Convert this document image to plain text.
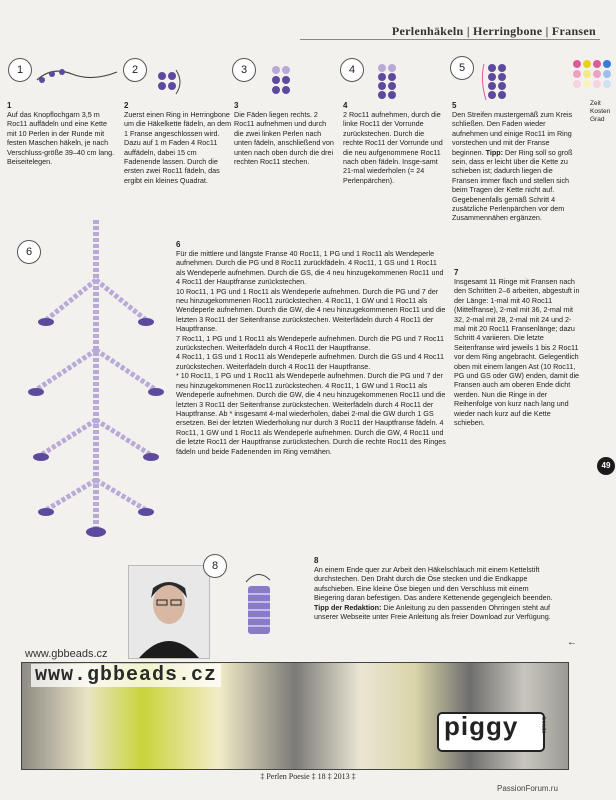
Perlenhäkeln | Herringbone | Fransen
1
1
Auf das Knopflochgarn 3,5 m Roc11 auffädeln und eine Kette mit 10 Perlen in der Runde mit festen Maschen häkeln, je nach Verschluss-größe 39–40 cm lang. Beiseitelegen.
2
2
Zuerst einen Ring in Herringbone um die Häkelkette fädeln, an dem 1 Franse angeschlossen wird. Dazu auf 1 m Faden 4 Roc11 auffädeln, dabei 15 cm Fadenende lassen. Durch die ersten zwei Roc11 fädeln, das ergibt ein kleines Quadrat.
3
3
Die Fäden liegen rechts. 2 Roc11 aufnehmen und durch die zwei linken Perlen nach unten fädeln, anschließend von unten nach oben durch die drei rechten Roc11 stechen.
4
4
2 Roc11 aufnehmen, durch die linke Roc11 der Vorrunde zurückstechen. Durch die rechte Roc11 der Vorrunde und die neu aufgenommene Roc11 nach oben fädeln. Insge-samt 21-mal wiederholen (= 24 Perlenpärchen).
5
5
Den Streifen mustergemäß zum Kreis schließen. Den Faden wieder aufnehmen und einige Roc11 im Ring vorstechen und mit der Franse beginnen. Tipp: Der Ring soll so groß sein, dass er leicht über die Kette zu schieben ist; dadurch liegen die Fransen immer flach und stellen sich beim Tragen der Kette nicht auf. Gegebenenfalls gemäß Schritt 4 zusätzliche Perlenpärchen vor dem Zusammennähen ergänzen.
Zeit Kosten Grad
6
6
Für die mittlere und längste Franse 40 Roc11, 1 PG und 1 Roc11 als Wendeperle aufnehmen. Durch die PG und 8 Roc11 zurückfädeln. 4 Roc11, 1 GS und 1 Roc11 als Wendeperle aufnehmen. Durch die GS, die 4 neu hinzugekommenen Roc11 und 4 Roc11 der Hauptfranse zurückstechen.
10 Roc11, 1 PG und 1 Roc11 als Wendeperle aufnehmen. Durch die PG und 7 der neu hinzugekommenen Roc11 zurückstechen. 4 Roc11, 1 GW und 1 Roc11 als Wendeperle aufnehmen. Durch die GW, die 4 neu hinzugekommenen Roc11 und die letzten 3 Roc11 der Seitenfranse zurückstechen. Weiterfädeln durch 4 Roc11 der Hauptfranse.
7 Roc11, 1 PG und 1 Roc11 als Wendeperle aufnehmen. Durch die PG und 7 Roc11 zurückstechen. Weiterfädeln durch 4 Roc11 der Hauptfranse.
4 Roc11, 1 GS und 1 Roc11 als Wendeperle aufnehmen. Durch die GS und 4 Roc11 zurückstechen. Weiterfädeln durch 4 Roc11 der Hauptfranse.
* 10 Roc11, 1 PG und 1 Roc11 als Wendeperle aufnehmen. Durch die PG und 7 der neu hinzugekommenen Roc11 zurückstechen. 4 Roc11, 1 GW und 1 Roc11 als Wendeperle aufnehmen. Durch die GW, die 4 neu hinzugekommenen Roc11 und die letzten 3 Roc11 der Seitenfranse zurückstechen. Weiterfädeln durch 4 Roc11 der Hauptfranse. Ab * insgesamt 4-mal wiederholen, dabei 2-mal die GW durch 1 GS ersetzen. Bei der letzten Wiederholung nur durch 3 Roc11 der Hauptfranse fädeln. 4 Roc11, 1 GW und 1 Roc11 als Wendeperle aufnehmen. Durch die GW, 4 Roc11 und die letzte Roc11 der Hauptfranse zurückstechen. Durch die rechte Roc11 des Ringes fädeln und beide Fadenenden im Ring vernähen.
7
Insgesamt 11 Ringe mit Fransen nach den Schritten 2–6 arbeiten, abgestuft in der Länge: 1-mal mit 40 Roc11 (Mittelfranse), 2-mal mit 36, 2-mal mit 32, 2-mal mit 28, 2-mal mit 24 und 2-mal mit 20 Roc11 Fransenlänge; dazu Schritt 4 variieren. Die letzte Seitenfranse wird jeweils 1 bis 2 Roc11 vor dem Ring angebracht. Gelegentlich oben mit einem langen Ast (10 Roc11, PG und GS oder GW) enden, damit die Fransen auch am oberen Ende dicht werden. Nun die Ringe in der Reihenfolge von kurz nach lang und wieder nach kurz auf die Kette schieben.
49
8	8
An einem Ende quer zur Arbeit den Häkelschlauch mit einem Kettelstift durchstechen. Den Draht durch die Öse stecken und die Endkappe aufschieben. Eine kleine Öse biegen und den Verschluss mit einem Biegering daran befestigen. Das andere Kettenende gegengleich beenden.
Tipp der Redaktion: Die Anleitung zu den passenden Ohrringen steht auf unserer Webseite unter Freie Anleitung als freier Download zur Verfügung.
←
www.gbbeads.cz
www.gbbeads.cz
piggy	beads
‡ Perlen Poesie ‡ 18 ‡ 2013 ‡
PassionForum.ru
